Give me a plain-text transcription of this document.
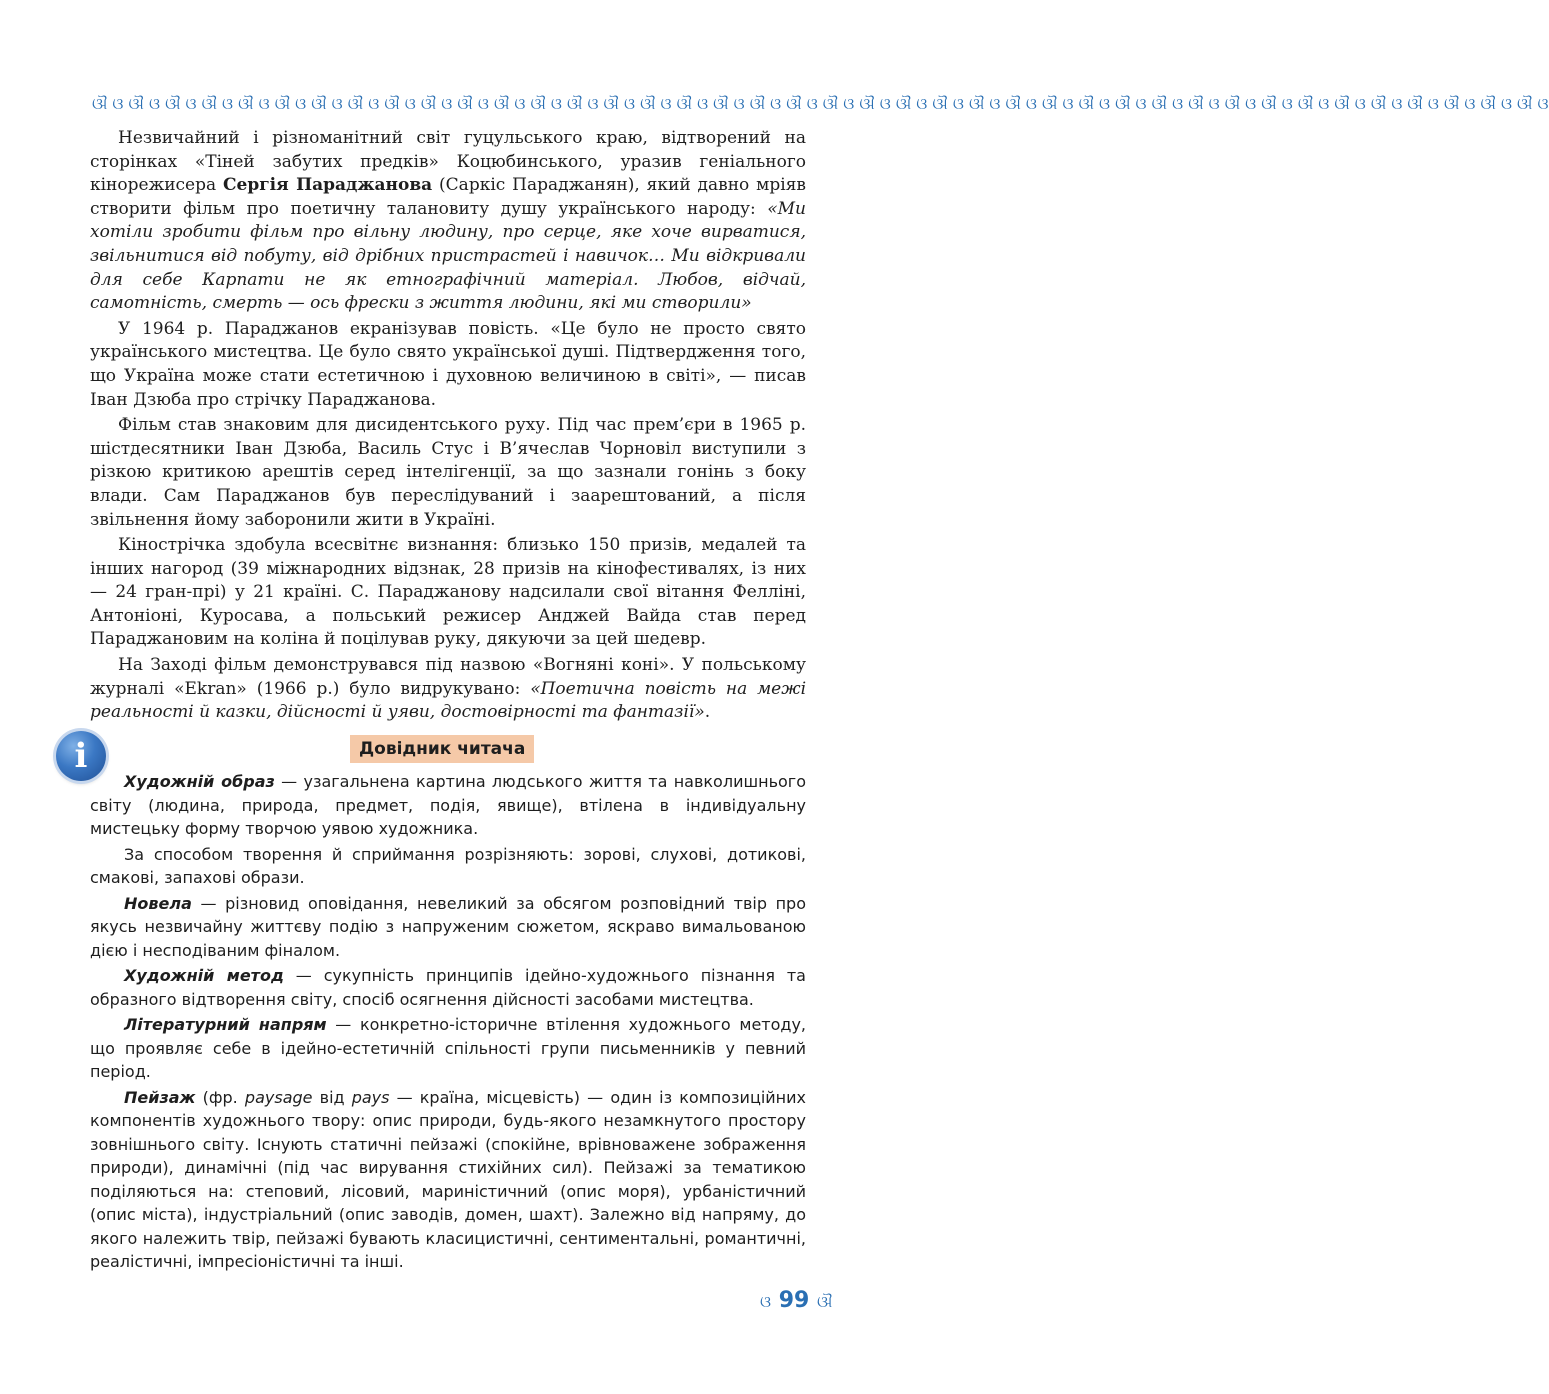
ଔ ଓ ଔ ଓ ଔ ଓ ଔ ଓ ଔ ଓ ଔ ଓ ଔ ଓ ଔ ଓ ଔ ଓ ଔ ଓ ଔ ଓ ଔ ଓ ଔ ଓ ଔ ଓ ଔ ଓ ଔ ଓ ଔ ଓ ଔ ଓ ଔ ଓ ଔ ଓ ଔ ଓ ଔ ଓ ଔ ଓ ଔ ଓ ଔ ଓ ଔ ଓ ଔ ଓ ଔ ଓ ଔ ଓ ଔ ଓ ଔ ଓ ଔ ଓ ଔ ଓ ଔ ଓ ଔ ଓ ଔ ଓ ଔ ଓ ଔ ଓ ଔ ଓ ଔ ଓ

Незвичайний і різноманітний світ гуцульського краю, відтворений на сторінках «Тіней забутих предків» Коцюбинського, уразив геніального кінорежисера Сергія Параджанова (Саркіс Параджанян), який давно мріяв створити фільм про поетичну талановиту душу українського народу: «Ми хотіли зробити фільм про вільну людину, про серце, яке хоче вирватися, звільнитися від побуту, від дрібних пристрастей і навичок… Ми відкривали для себе Карпати не як етнографічний матеріал. Любов, відчай, самотність, смерть — ось фрески з життя людини, які ми створили»

У 1964 р. Параджанов екранізував повість. «Це було не просто свято українського мистецтва. Це було свято української душі. Підтвердження того, що Україна може стати естетичною і духовною величиною в світі», — писав Іван Дзюба про стрічку Параджанова.

Фільм став знаковим для дисидентського руху. Під час прем’єри в 1965 р. шістдесятники Іван Дзюба, Василь Стус і В’ячеслав Чорновіл виступили з різкою критикою арештів серед інтелігенції, за що зазнали гонінь з боку влади. Сам Параджанов був переслідуваний і заарештований, а після звільнення йому заборонили жити в Україні.

Кінострічка здобула всесвітнє визнання: близько 150 призів, медалей та інших нагород (39 міжнародних відзнак, 28 призів на кінофестивалях, із них — 24 гран-прі) у 21 країні. С. Параджанову надсилали свої вітання Фелліні, Антоніоні, Куросава, а польський режисер Анджей Вайда став перед Параджановим на коліна й поцілував руку, дякуючи за цей шедевр.

На Заході фільм демонструвався під назвою «Вогняні коні». У польському журналі «Ekran» (1966 р.) було видрукувано: «Поетична повість на межі реальності й казки, дійсності й уяви, достовірності та фантазії».

i	Довідник читача

Художній образ — узагальнена картина людського життя та навколишнього світу (людина, природа, предмет, подія, явище), втілена в індивідуальну мистецьку форму творчою уявою художника.

За способом творення й сприймання розрізняють: зорові, слухові, дотикові, смакові, запахові образи.

Новела — різновид оповідання, невеликий за обсягом розповідний твір про якусь незвичайну життєву подію з напруженим сюжетом, яскраво вимальованою дією і несподіваним фіналом.

Художній метод — сукупність принципів ідейно-художнього пізнання та образного відтворення світу, спосіб осягнення дійсності засобами мистецтва.

Літературний напрям — конкретно-історичне втілення художнього методу, що проявляє себе в ідейно-естетичній спільності групи письменників у певний період.

Пейзаж (фр. paysage від pays — країна, місцевість) — один із композиційних компонентів художнього твору: опис природи, будь-якого незамкнутого простору зовнішнього світу. Існують статичні пейзажі (спокійне, врівноважене зображення природи), динамічні (під час вирування стихійних сил). Пейзажі за тематикою поділяються на: степовий, лісовий, мариністичний (опис моря), урбаністичний (опис міста), індустріальний (опис заводів, домен, шахт). Залежно від напряму, до якого належить твір, пейзажі бувають класицистичні, сентиментальні, романтичні, реалістичні, імпресіоністичні та інші.

ଓ 99 ଔ
